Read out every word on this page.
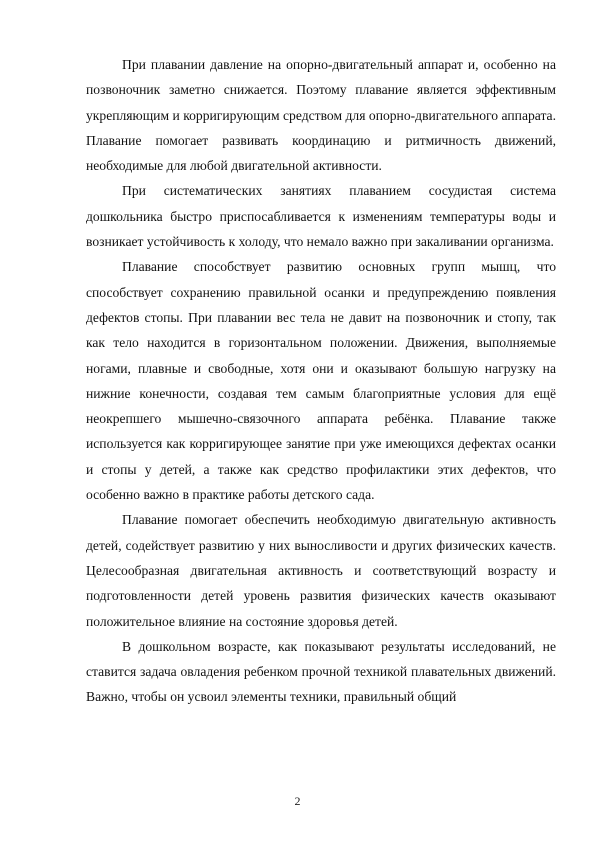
При плавании давление на опорно-двигательный аппарат и, особенно на позвоночник заметно снижается. Поэтому плавание является эффективным укрепляющим и корригирующим средством для опорно-двигательного аппарата. Плавание помогает развивать координацию и ритмичность движений, необходимые для любой двигательной активности.

При систематических занятиях плаванием сосудистая система дошкольника быстро приспосабливается к изменениям температуры воды и возникает устойчивость к холоду, что немало важно при закаливании организма.

Плавание способствует развитию основных групп мышц, что способствует сохранению правильной осанки и предупреждению появления дефектов стопы. При плавании вес тела не давит на позвоночник и стопу, так как тело находится в горизонтальном положении. Движения, выполняемые ногами, плавные и свободные, хотя они и оказывают большую нагрузку на нижние конечности, создавая тем самым благоприятные условия для ещё неокрепшего мышечно-связочного аппарата ребёнка. Плавание также используется как корригирующее занятие при уже имеющихся дефектах осанки и стопы у детей, а также как средство профилактики этих дефектов, что особенно важно в практике работы детского сада.

Плавание помогает обеспечить необходимую двигательную активность детей, содействует развитию у них выносливости и других физических качеств. Целесообразная двигательная активность и соответствующий возрасту и подготовленности детей уровень развития физических качеств оказывают положительное влияние на состояние здоровья детей.

В дошкольном возрасте, как показывают результаты исследований, не ставится задача овладения ребенком прочной техникой плавательных движений. Важно, чтобы он усвоил элементы техники, правильный общий

2
